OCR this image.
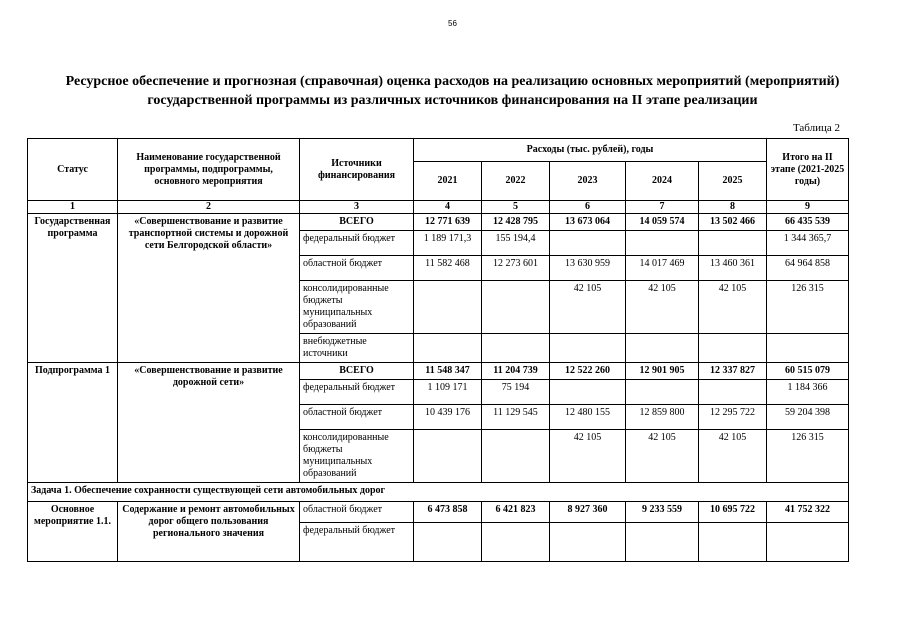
56
Ресурсное обеспечение и прогнозная (справочная) оценка расходов на реализацию основных мероприятий (мероприятий) государственной программы из различных источников финансирования на II этапе реализации
Таблица 2
Статус	Наименование государственной программы, подпрограммы, основного мероприятия	Источники финансирования	Расходы (тыс. рублей), годы					Итого на II этапе (2021-2025 годы)
			2021	2022	2023	2024	2025	
1	2	3	4	5	6	7	8	9
Государственная программа	«Совершенствование и развитие транспортной системы и дорожной сети Белгородской области»	ВСЕГО	12 771 639	12 428 795	13 673 064	14 059 574	13 502 466	66 435 539
		федеральный бюджет	1 189 171,3	155 194,4				1 344 365,7
		областной бюджет	11 582 468	12 273 601	13 630 959	14 017 469	13 460 361	64 964 858
		консолидированные бюджеты муниципальных образований			42 105	42 105	42 105	126 315
		внебюджетные источники						
Подпрограмма 1	«Совершенствование и развитие дорожной сети»	ВСЕГО	11 548 347	11 204 739	12 522 260	12 901 905	12 337 827	60 515 079
		федеральный бюджет	1 109 171	75 194				1 184 366
		областной бюджет	10 439 176	11 129 545	12 480 155	12 859 800	12 295 722	59 204 398
		консолидированные бюджеты муниципальных образований			42 105	42 105	42 105	126 315
Задача 1. Обеспечение сохранности существующей сети автомобильных дорог								
Основное мероприятие 1.1.	Содержание и ремонт автомобильных дорог общего пользования регионального значения	областной бюджет	6 473 858	6 421 823	8 927 360	9 233 559	10 695 722	41 752 322
		федеральный бюджет						
